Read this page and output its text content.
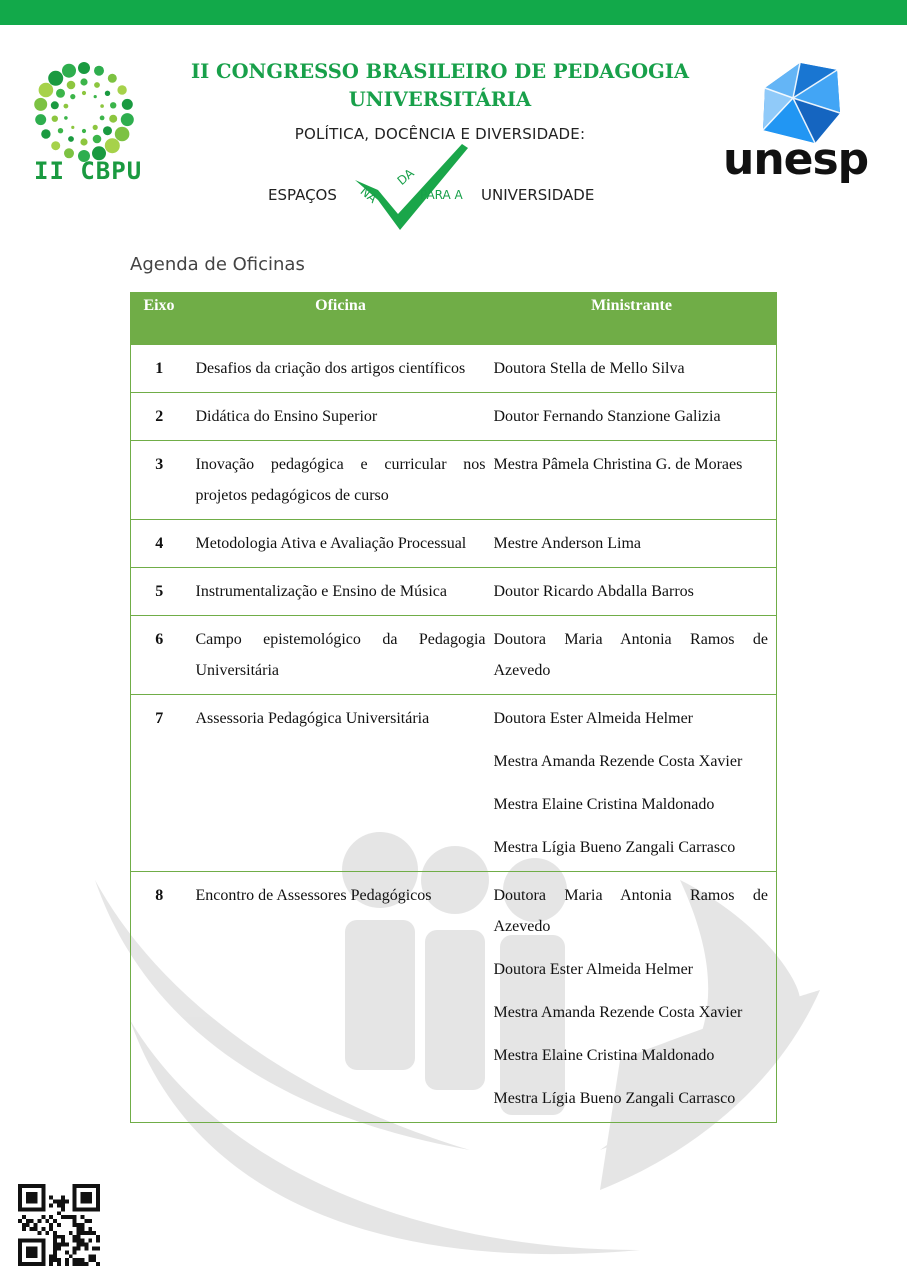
II CBPU
II CONGRESSO BRASILEIRO DE PEDAGOGIA
UNIVERSITÁRIA
POLÍTICA, DOCÊNCIA E DIVERSIDADE:
ESPAÇOS NA
DA
PARA A UNIVERSIDADE
unesp
Agenda de Oficinas
Eixo	Oficina	Ministrante
1	Desafios da criação dos artigos científicos	Doutora Stella de Mello Silva

2	Didática do Ensino Superior	Doutor Fernando Stanzione Galizia

3	Inovação pedagógica e curricular nos projetos pedagógicos de curso	Mestra Pâmela Christina G. de Moraes

4	Metodologia Ativa e Avaliação Processual	Mestre Anderson Lima

5	Instrumentalização e Ensino de Música	Doutor Ricardo Abdalla Barros

6	Campo epistemológico da Pedagogia Universitária	Doutora Maria Antonia Ramos de Azevedo

7	Assessoria Pedagógica Universitária	Doutora Ester Almeida Helmer
Mestra Amanda Rezende Costa Xavier
Mestra Elaine Cristina Maldonado
Mestra Lígia Bueno Zangali Carrasco

8	Encontro de Assessores Pedagógicos	Doutora Maria Antonia Ramos de Azevedo
Doutora Ester Almeida Helmer
Mestra Amanda Rezende Costa Xavier
Mestra Elaine Cristina Maldonado
Mestra Lígia Bueno Zangali Carrasco
